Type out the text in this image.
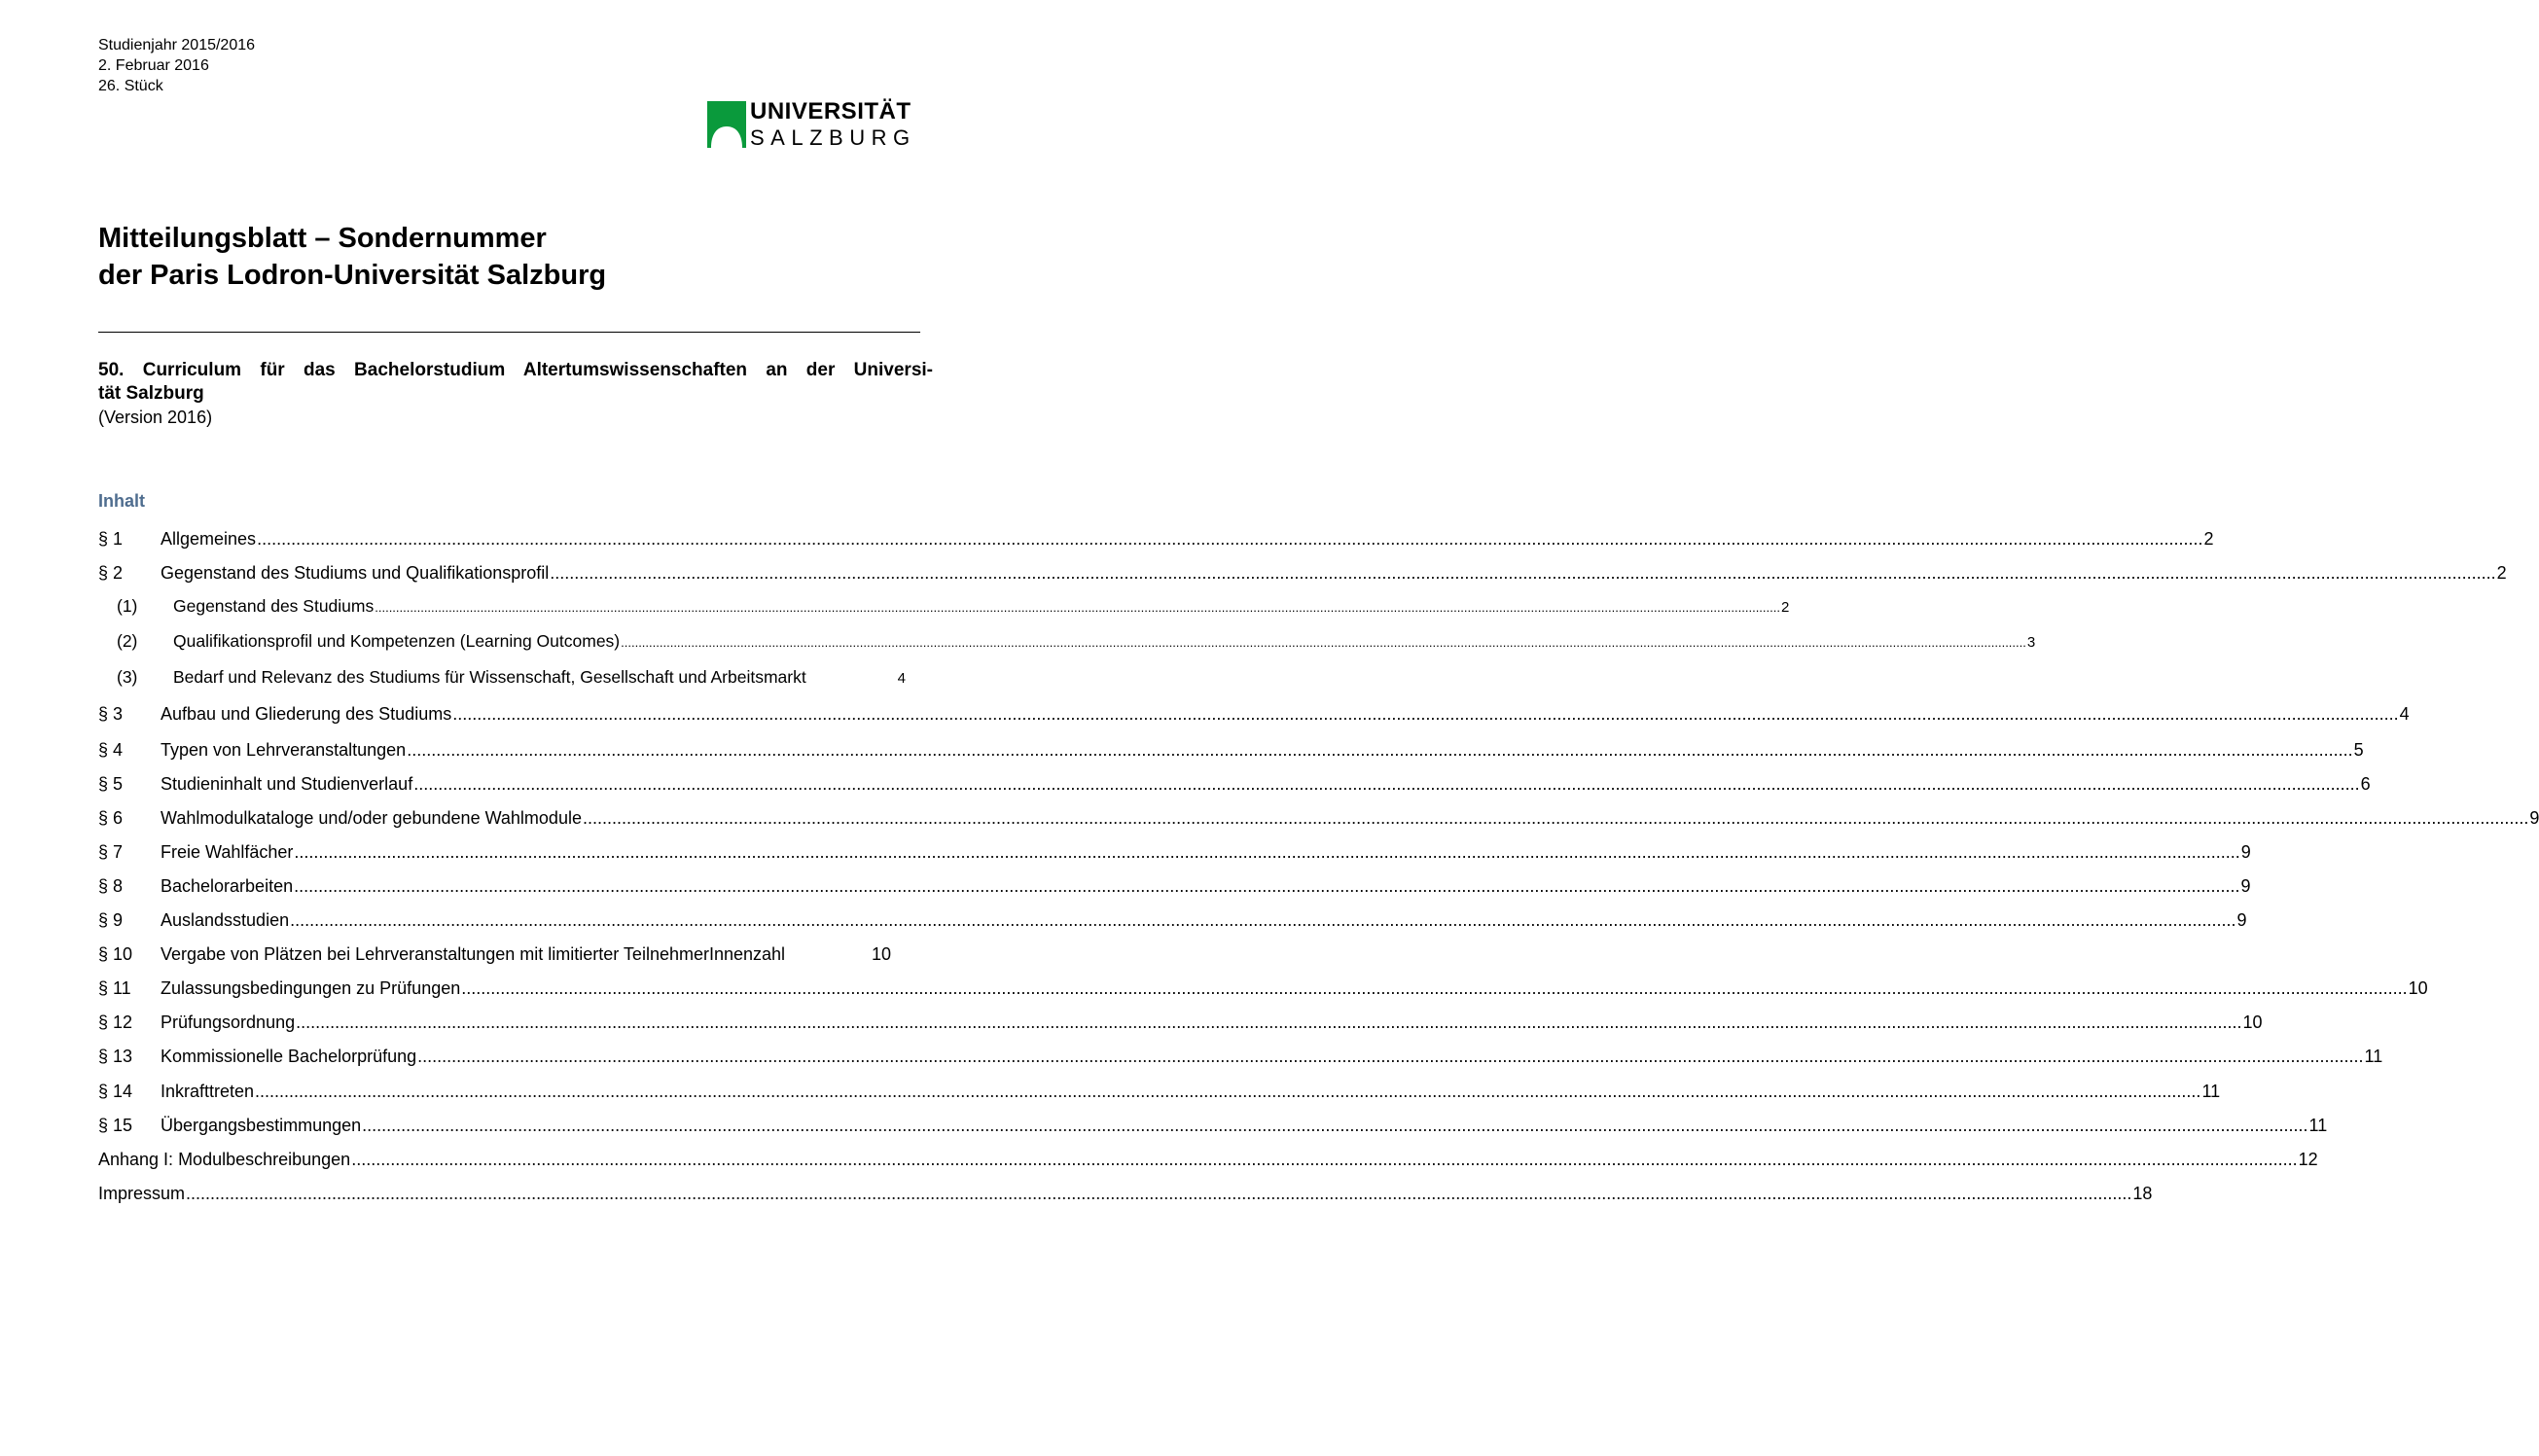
Studienjahr 2015/2016
2. Februar 2016
26. Stück
UNIVERSITÄT
SALZBURG
Mitteilungsblatt – Sondernummer
der Paris Lodron-Universität Salzburg
50. Curriculum für das Bachelorstudium Altertumswissenschaften an der Universi-
tät Salzburg
(Version 2016)
Inhalt
§ 1	Allgemeines ................................................................................................................................................................................................................................................................................................................................................................................................................ 2
§ 2	Gegenstand des Studiums und Qualifikationsprofil ................................................................................................................................................................................................................................................................................................................................................................................................................ 2
(1)	Gegenstand des Studiums ................................................................................................................................................................................................................................................................................................................................................................................................................ 2
(2)	Qualifikationsprofil und Kompetenzen (Learning Outcomes) ................................................................................................................................................................................................................................................................................................................................................................................................................ 3
(3)	Bedarf und Relevanz des Studiums für Wissenschaft, Gesellschaft und Arbeitsmarkt	4
§ 3	Aufbau und Gliederung des Studiums ................................................................................................................................................................................................................................................................................................................................................................................................................ 4
§ 4	Typen von Lehrveranstaltungen ................................................................................................................................................................................................................................................................................................................................................................................................................ 5
§ 5	Studieninhalt und Studienverlauf ................................................................................................................................................................................................................................................................................................................................................................................................................ 6
§ 6	Wahlmodulkataloge und/oder gebundene Wahlmodule ................................................................................................................................................................................................................................................................................................................................................................................................................ 9
§ 7	Freie Wahlfächer ................................................................................................................................................................................................................................................................................................................................................................................................................ 9
§ 8	Bachelorarbeiten ................................................................................................................................................................................................................................................................................................................................................................................................................ 9
§ 9	Auslandsstudien ................................................................................................................................................................................................................................................................................................................................................................................................................ 9
§ 10	Vergabe von Plätzen bei Lehrveranstaltungen mit limitierter TeilnehmerInnenzahl	10
§ 11	Zulassungsbedingungen zu Prüfungen ................................................................................................................................................................................................................................................................................................................................................................................................................ 10
§ 12	Prüfungsordnung ................................................................................................................................................................................................................................................................................................................................................................................................................ 10
§ 13	Kommissionelle Bachelorprüfung ................................................................................................................................................................................................................................................................................................................................................................................................................ 11
§ 14	Inkrafttreten ................................................................................................................................................................................................................................................................................................................................................................................................................ 11
§ 15	Übergangsbestimmungen ................................................................................................................................................................................................................................................................................................................................................................................................................ 11
Anhang I: Modulbeschreibungen ................................................................................................................................................................................................................................................................................................................................................................................................................ 12
Impressum ................................................................................................................................................................................................................................................................................................................................................................................................................ 18
